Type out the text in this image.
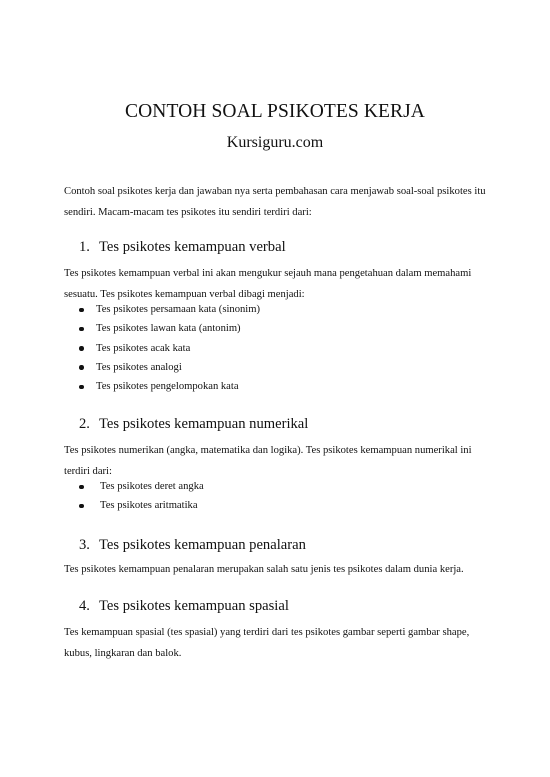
CONTOH SOAL PSIKOTES KERJA
Kursiguru.com
Contoh soal psikotes kerja dan jawaban nya serta pembahasan cara menjawab soal-soal psikotes itu sendiri. Macam-macam tes psikotes itu sendiri terdiri dari:
1. Tes psikotes kemampuan verbal
Tes psikotes kemampuan verbal ini akan mengukur sejauh mana pengetahuan dalam memahami sesuatu. Tes psikotes kemampuan verbal dibagi menjadi:
Tes psikotes persamaan kata (sinonim)
Tes psikotes lawan kata (antonim)
Tes psikotes acak kata
Tes psikotes analogi
Tes psikotes pengelompokan kata
2. Tes psikotes kemampuan numerikal
Tes psikotes numerikan (angka, matematika dan logika). Tes psikotes kemampuan numerikal ini terdiri dari:
Tes psikotes deret angka
Tes psikotes aritmatika
3. Tes psikotes kemampuan penalaran
Tes psikotes kemampuan penalaran merupakan salah satu jenis tes psikotes dalam dunia kerja.
4. Tes psikotes kemampuan spasial
Tes kemampuan spasial (tes spasial) yang terdiri dari tes psikotes gambar seperti gambar shape, kubus, lingkaran dan balok.
